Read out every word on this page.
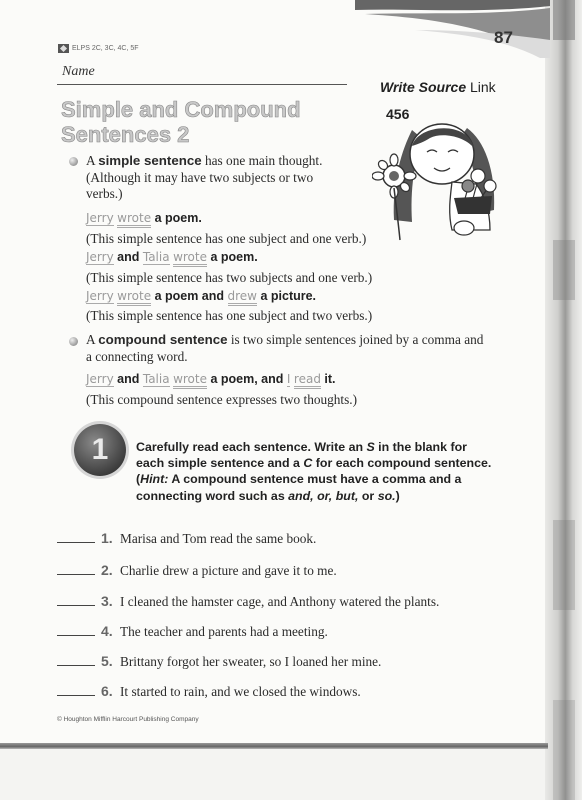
87
ELPS 2C, 3C, 4C, 5F
Name
Simple and Compound
Sentences 2
Write Source Link
456
A simple sentence has one main thought.
(Although it may have two subjects or two
verbs.)
Jerry wrote a poem.
(This simple sentence has one subject and one verb.)
Jerry and Talia wrote a poem.
(This simple sentence has two subjects and one verb.)
Jerry wrote a poem and drew a picture.
(This simple sentence has one subject and two verbs.)
A compound sentence is two simple sentences joined by a comma and
a connecting word.
Jerry and Talia wrote a poem, and I read it.
(This compound sentence expresses two thoughts.)
1	Carefully read each sentence. Write an S in the blank for
each simple sentence and a C for each compound sentence.
(Hint: A compound sentence must have a comma and a
connecting word such as and, or, but, or so.)
1. Marisa and Tom read the same book.
2. Charlie drew a picture and gave it to me.
3. I cleaned the hamster cage, and Anthony watered the plants.
4. The teacher and parents had a meeting.
5. Brittany forgot her sweater, so I loaned her mine.
6. It started to rain, and we closed the windows.
© Houghton Mifflin Harcourt Publishing Company
